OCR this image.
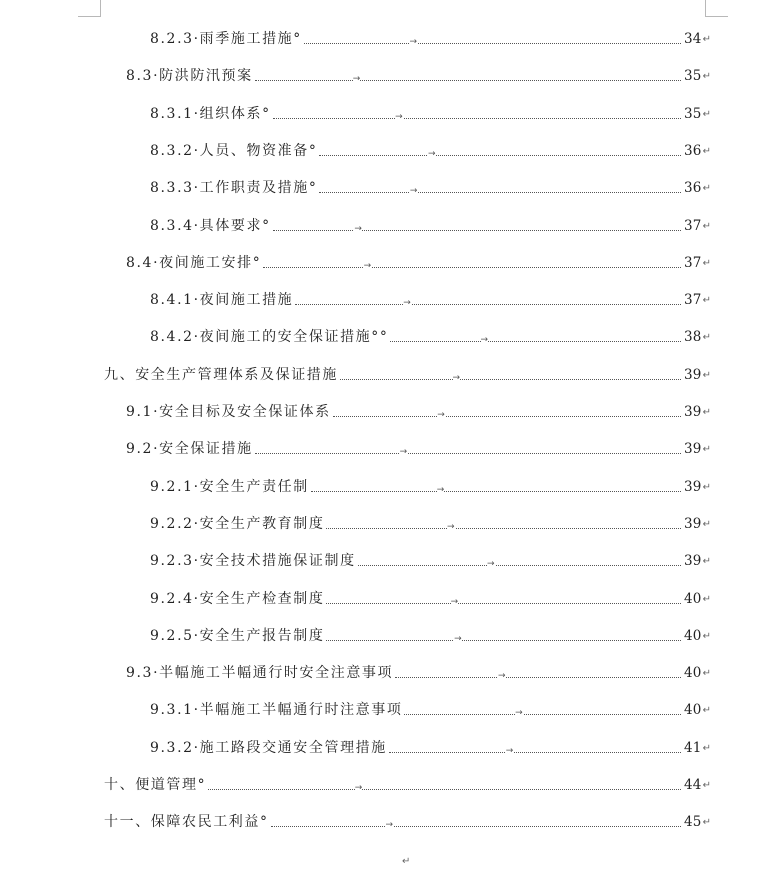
8.2.3·雨季施工措施°	→	34 ↵
8.3·防洪防汛预案	→	35 ↵
8.3.1·组织体系°	→	35 ↵
8.3.2·人员、物资准备°	→	36 ↵
8.3.3·工作职责及措施°	→	36 ↵
8.3.4·具体要求°	→	37 ↵
8.4·夜间施工安排°	→	37 ↵
8.4.1·夜间施工措施	→	37 ↵
8.4.2·夜间施工的安全保证措施°°	→	38 ↵
九、安全生产管理体系及保证措施	→	39 ↵
9.1·安全目标及安全保证体系	→	39 ↵
9.2·安全保证措施	→	39 ↵
9.2.1·安全生产责任制	→	39 ↵
9.2.2·安全生产教育制度	→	39 ↵
9.2.3·安全技术措施保证制度	→	39 ↵
9.2.4·安全生产检查制度	→	40 ↵
9.2.5·安全生产报告制度	→	40 ↵
9.3·半幅施工半幅通行时安全注意事项	→	40 ↵
9.3.1·半幅施工半幅通行时注意事项	→	40 ↵
9.3.2·施工路段交通安全管理措施	→	41 ↵
十、便道管理°	→	44 ↵
十一、保障农民工利益°	→	45 ↵
↵
